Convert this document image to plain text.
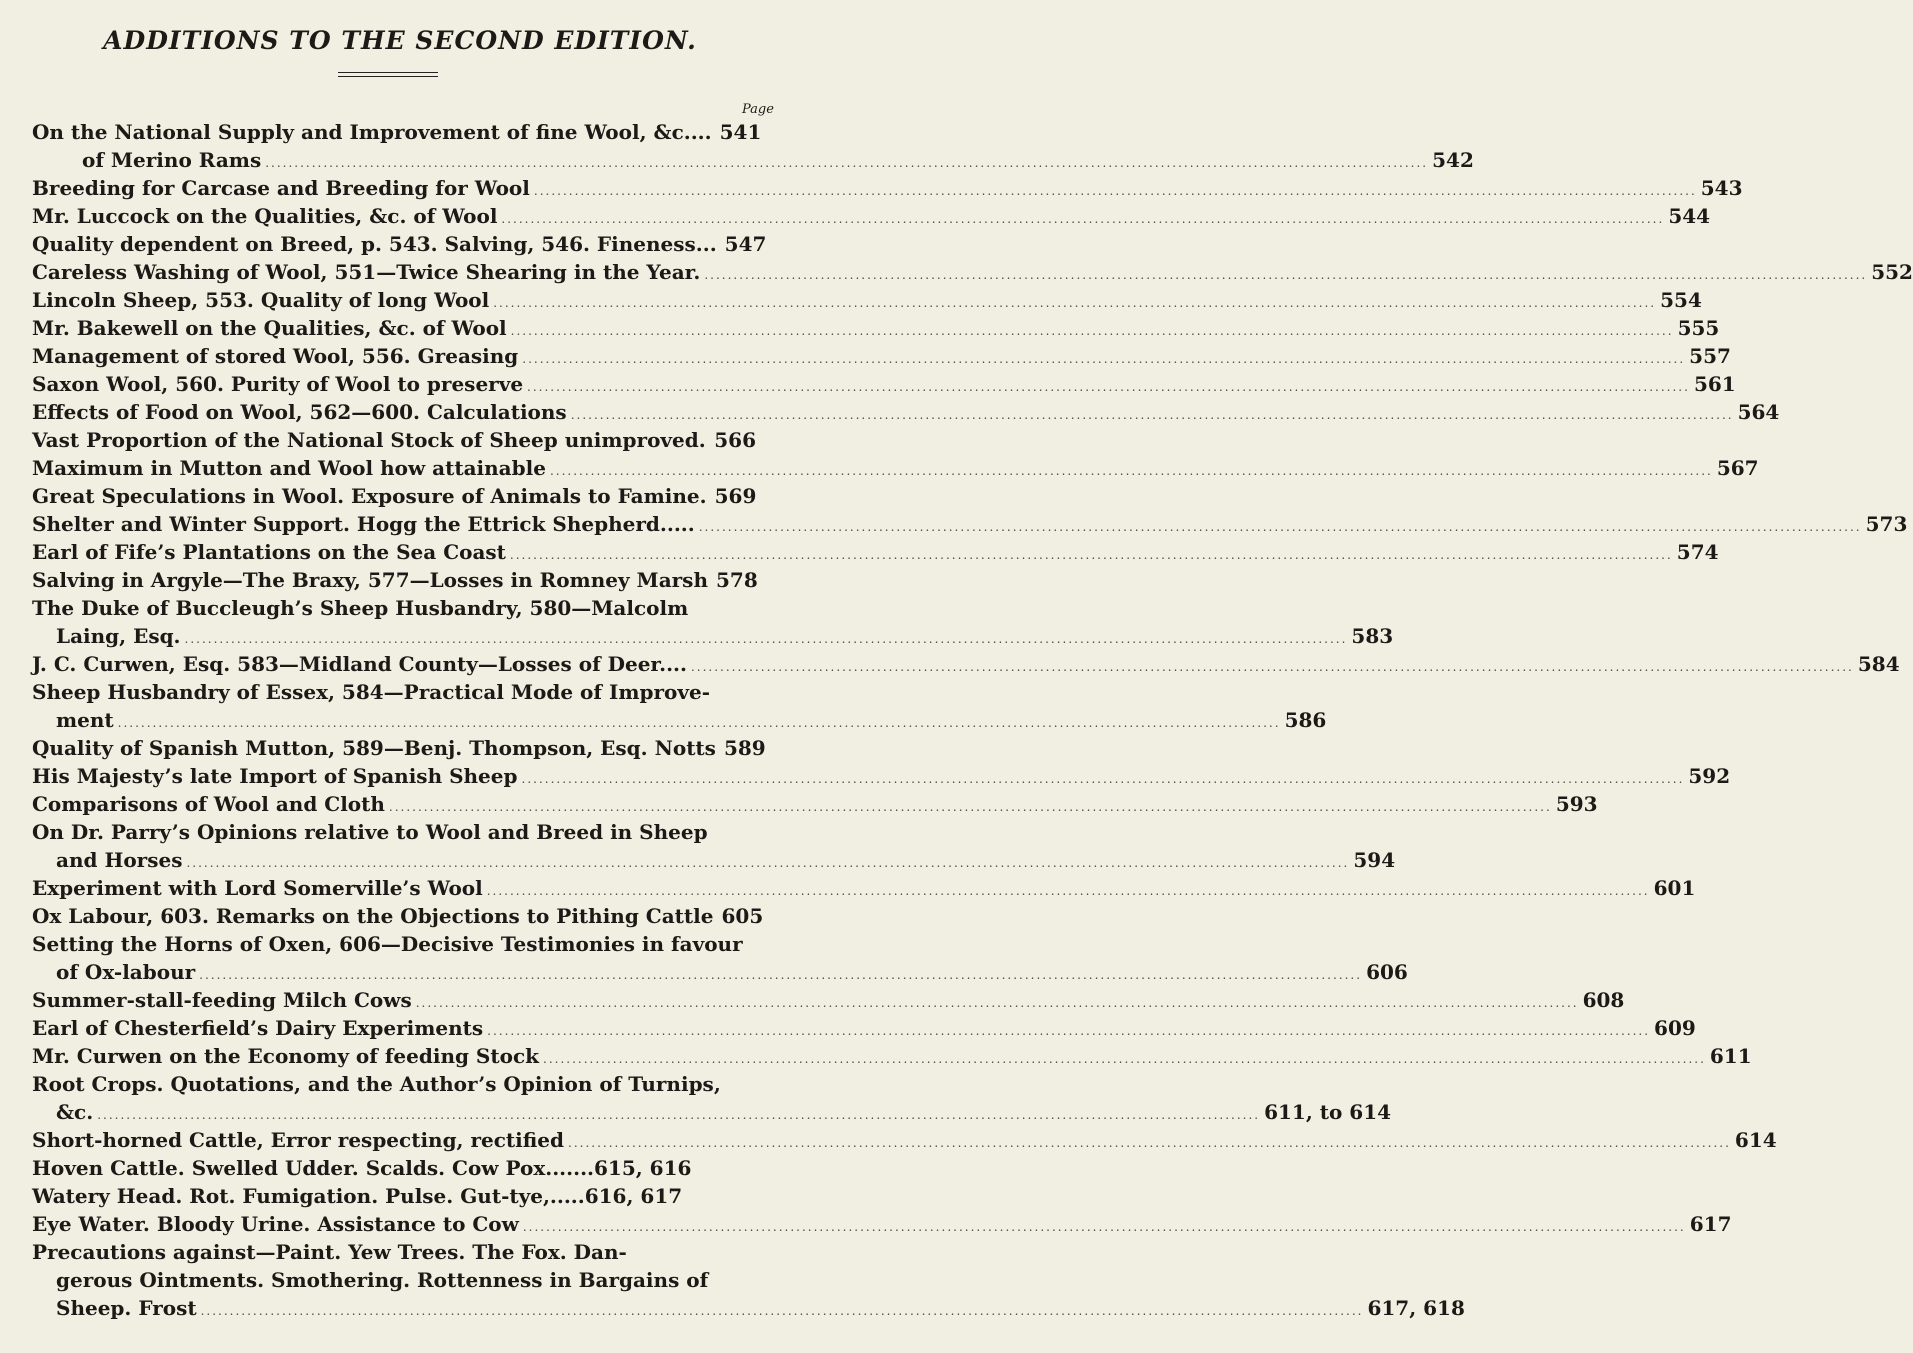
ADDITIONS TO THE SECOND EDITION.
Page
On the National Supply and Improvement of fine Wool, &c.... 541
of Merino Rams ........................................................................................................................................................................................................ 542
Breeding for Carcase and Breeding for Wool ........................................................................................................................................................................................................ 543
Mr. Luccock on the Qualities, &c. of Wool ........................................................................................................................................................................................................ 544
Quality dependent on Breed, p. 543. Salving, 546. Fineness... 547
Careless Washing of Wool, 551—Twice Shearing in the Year. ........................................................................................................................................................................................................ 552
Lincoln Sheep, 553. Quality of long Wool ........................................................................................................................................................................................................ 554
Mr. Bakewell on the Qualities, &c. of Wool ........................................................................................................................................................................................................ 555
Management of stored Wool, 556. Greasing ........................................................................................................................................................................................................ 557
Saxon Wool, 560. Purity of Wool to preserve ........................................................................................................................................................................................................ 561
Effects of Food on Wool, 562—600. Calculations ........................................................................................................................................................................................................ 564
Vast Proportion of the National Stock of Sheep unimproved. 566
Maximum in Mutton and Wool how attainable ........................................................................................................................................................................................................ 567
Great Speculations in Wool. Exposure of Animals to Famine. 569
Shelter and Winter Support. Hogg the Ettrick Shepherd..... ........................................................................................................................................................................................................ 573
Earl of Fife’s Plantations on the Sea Coast ........................................................................................................................................................................................................ 574
Salving in Argyle—The Braxy, 577—Losses in Romney Marsh 578
The Duke of Buccleugh’s Sheep Husbandry, 580—Malcolm
Laing, Esq. ........................................................................................................................................................................................................ 583
J. C. Curwen, Esq. 583—Midland County—Losses of Deer.... ........................................................................................................................................................................................................ 584
Sheep Husbandry of Essex, 584—Practical Mode of Improve-
ment ........................................................................................................................................................................................................ 586
Quality of Spanish Mutton, 589—Benj. Thompson, Esq. Notts 589
His Majesty’s late Import of Spanish Sheep ........................................................................................................................................................................................................ 592
Comparisons of Wool and Cloth ........................................................................................................................................................................................................ 593
On Dr. Parry’s Opinions relative to Wool and Breed in Sheep
and Horses ........................................................................................................................................................................................................ 594
Experiment with Lord Somerville’s Wool ........................................................................................................................................................................................................ 601
Ox Labour, 603. Remarks on the Objections to Pithing Cattle 605
Setting the Horns of Oxen, 606—Decisive Testimonies in favour
of Ox-labour ........................................................................................................................................................................................................ 606
Summer-stall-feeding Milch Cows ........................................................................................................................................................................................................ 608
Earl of Chesterfield’s Dairy Experiments ........................................................................................................................................................................................................ 609
Mr. Curwen on the Economy of feeding Stock ........................................................................................................................................................................................................ 611
Root Crops. Quotations, and the Author’s Opinion of Turnips,
&c. ........................................................................................................................................................................................................ 611, to 614
Short-horned Cattle, Error respecting, rectified ........................................................................................................................................................................................................ 614
Hoven Cattle. Swelled Udder. Scalds. Cow Pox.......615, 616
Watery Head. Rot. Fumigation. Pulse. Gut-tye,.....616, 617
Eye Water. Bloody Urine. Assistance to Cow ........................................................................................................................................................................................................ 617
Precautions against—Paint. Yew Trees. The Fox. Dan-
gerous Ointments. Smothering. Rottenness in Bargains of
Sheep. Frost ........................................................................................................................................................................................................ 617, 618
